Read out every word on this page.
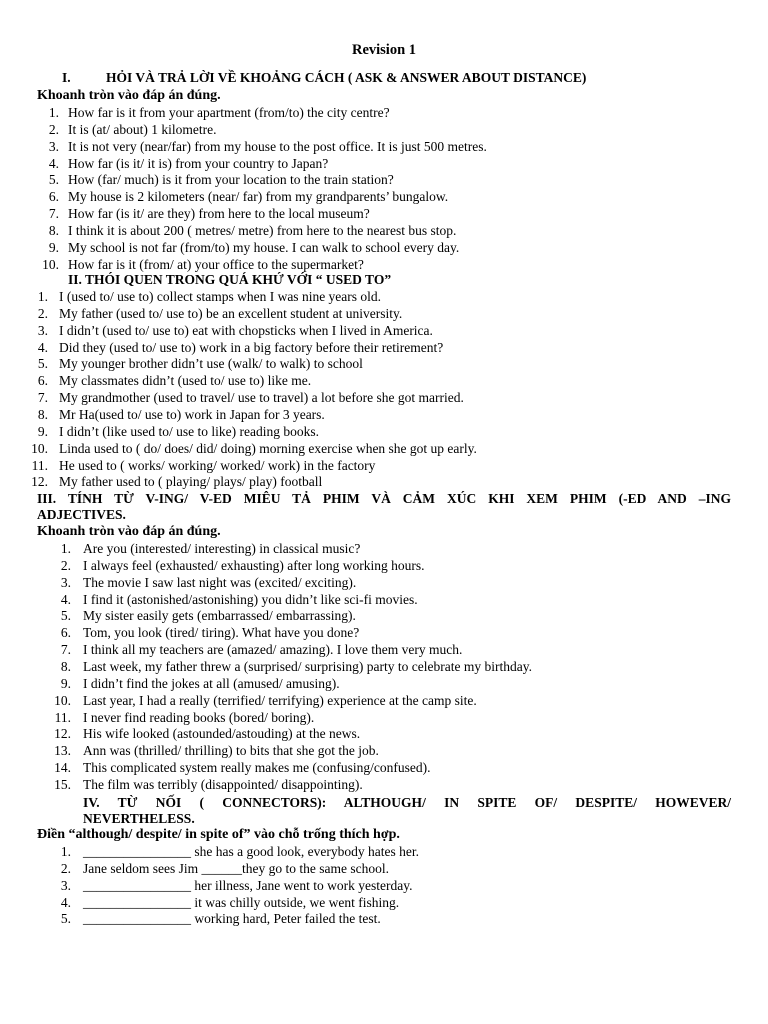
Revision 1
I.	HỎI VÀ TRẢ LỜI VỀ KHOẢNG CÁCH ( ASK & ANSWER ABOUT DISTANCE)
Khoanh tròn vào đáp án đúng.
1. How far is it from your apartment (from/to) the city centre?
2. It is (at/ about) 1 kilometre.
3. It is not very (near/far) from my house to the post office. It is just 500 metres.
4. How far (is it/ it is) from your country to Japan?
5. How (far/ much) is it from your location to the train station?
6. My house is 2 kilometers (near/ far) from my grandparents’ bungalow.
7. How far (is it/ are they) from here to the local museum?
8. I think it is about 200 ( metres/ metre) from here to the nearest bus stop.
9. My school is not far (from/to) my house. I can walk to school every day.
10. How far is it (from/ at) your office to the supermarket?
II. THÓI QUEN TRONG QUÁ KHỨ VỚI “ USED TO”
1. I (used to/ use to) collect stamps when I was nine years old.
2. My father (used to/ use to) be an excellent student at university.
3. I didn’t (used to/ use to) eat with chopsticks when I lived in America.
4. Did they (used to/ use to) work in a big factory before their retirement?
5. My younger brother didn’t use (walk/ to walk) to school
6. My classmates didn’t (used to/ use to) like me.
7. My grandmother (used to travel/ use to travel) a lot before she got married.
8. Mr Ha(used to/ use to) work in Japan for 3 years.
9. I didn’t (like used to/ use to like) reading books.
10. Linda used to ( do/ does/ did/ doing) morning exercise when she got up early.
11. He used to ( works/ working/ worked/ work) in the factory
12. My father used to ( playing/ plays/ play) football
III. TÍNH TỪ V-ING/ V-ED MIÊU TẢ PHIM VÀ CẢM XÚC KHI XEM PHIM (-ED AND –ING
ADJECTIVES.
Khoanh tròn vào đáp án đúng.
1. Are you (interested/ interesting) in classical music?
2. I always feel (exhausted/ exhausting) after long working hours.
3. The movie I saw last night was (excited/ exciting).
4. I find it (astonished/astonishing) you didn’t like sci-fi movies.
5. My sister easily gets (embarrassed/ embarrassing).
6. Tom, you look (tired/ tiring). What have you done?
7. I think all my teachers are (amazed/ amazing). I love them very much.
8. Last week, my father threw a (surprised/ surprising) party to celebrate my birthday.
9. I didn’t find the jokes at all (amused/ amusing).
10. Last year, I had a really (terrified/ terrifying) experience at the camp site.
11. I never find reading books (bored/ boring).
12. His wife looked (astounded/astouding) at the news.
13. Ann was (thrilled/ thrilling) to bits that she got the job.
14. This complicated system really makes me (confusing/confused).
15. The film was terribly (disappointed/ disappointing).
IV. TỪ NỐI ( CONNECTORS): ALTHOUGH/ IN SPITE OF/ DESPITE/ HOWEVER/
NEVERTHELESS.
Điền “although/ despite/ in spite of” vào chỗ trống thích hợp.
1. ________________ she has a good look, everybody hates her.
2. Jane seldom sees Jim ______they go to the same school.
3. ________________ her illness, Jane went to work yesterday.
4. ________________ it was chilly outside, we went fishing.
5. ________________ working hard, Peter failed the test.
